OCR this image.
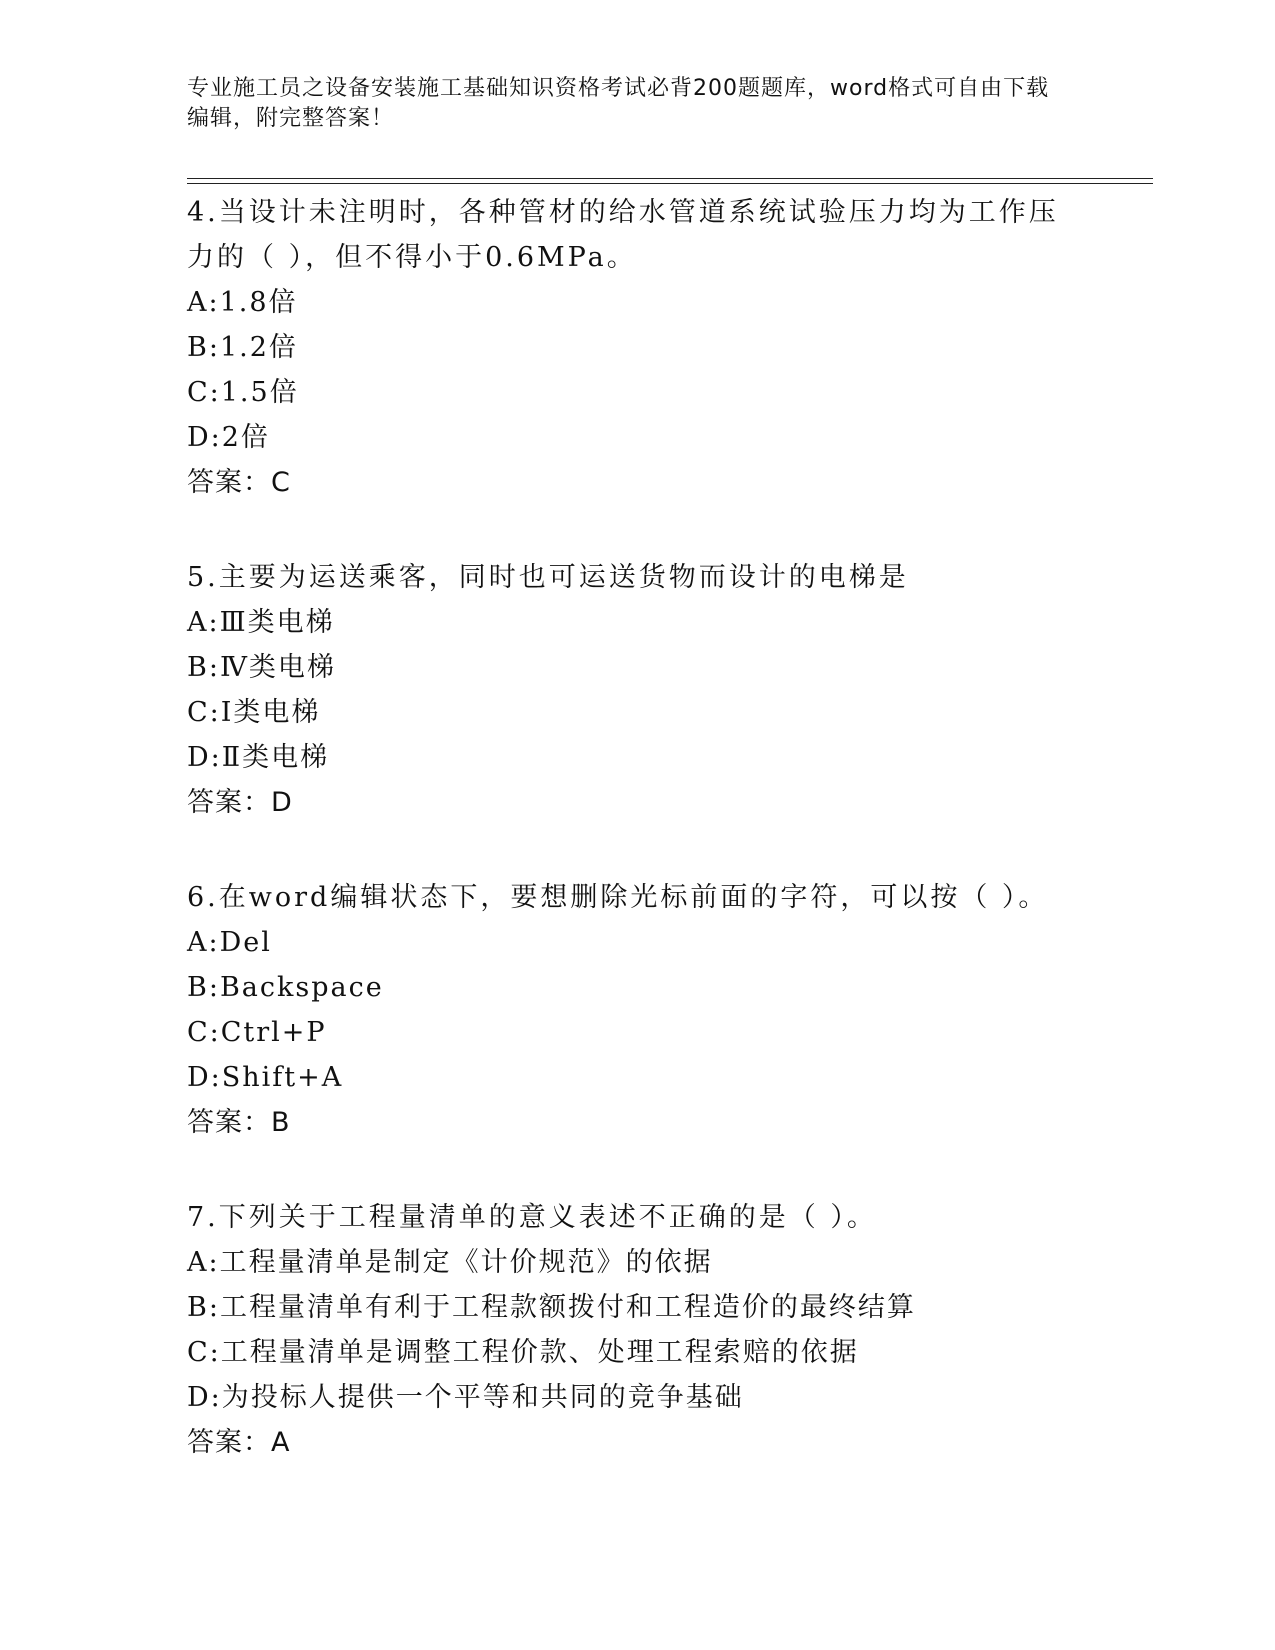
专业施工员之设备安装施工基础知识资格考试必背200题题库，word格式可自由下载编辑，附完整答案！

4.当设计未注明时，各种管材的给水管道系统试验压力均为工作压力的（ ），但不得小于0.6MPa。

A:1.8倍

B:1.2倍

C:1.5倍

D:2倍

答案：C

5.主要为运送乘客，同时也可运送货物而设计的电梯是

A:Ⅲ类电梯

B:Ⅳ类电梯

C:Ⅰ类电梯

D:Ⅱ类电梯

答案：D

6.在word编辑状态下，要想删除光标前面的字符，可以按（ ）。

A:Del

B:Backspace

C:Ctrl+P

D:Shift+A

答案：B

7.下列关于工程量清单的意义表述不正确的是（ ）。

A:工程量清单是制定《计价规范》的依据

B:工程量清单有利于工程款额拨付和工程造价的最终结算

C:工程量清单是调整工程价款、处理工程索赔的依据

D:为投标人提供一个平等和共同的竞争基础

答案：A
